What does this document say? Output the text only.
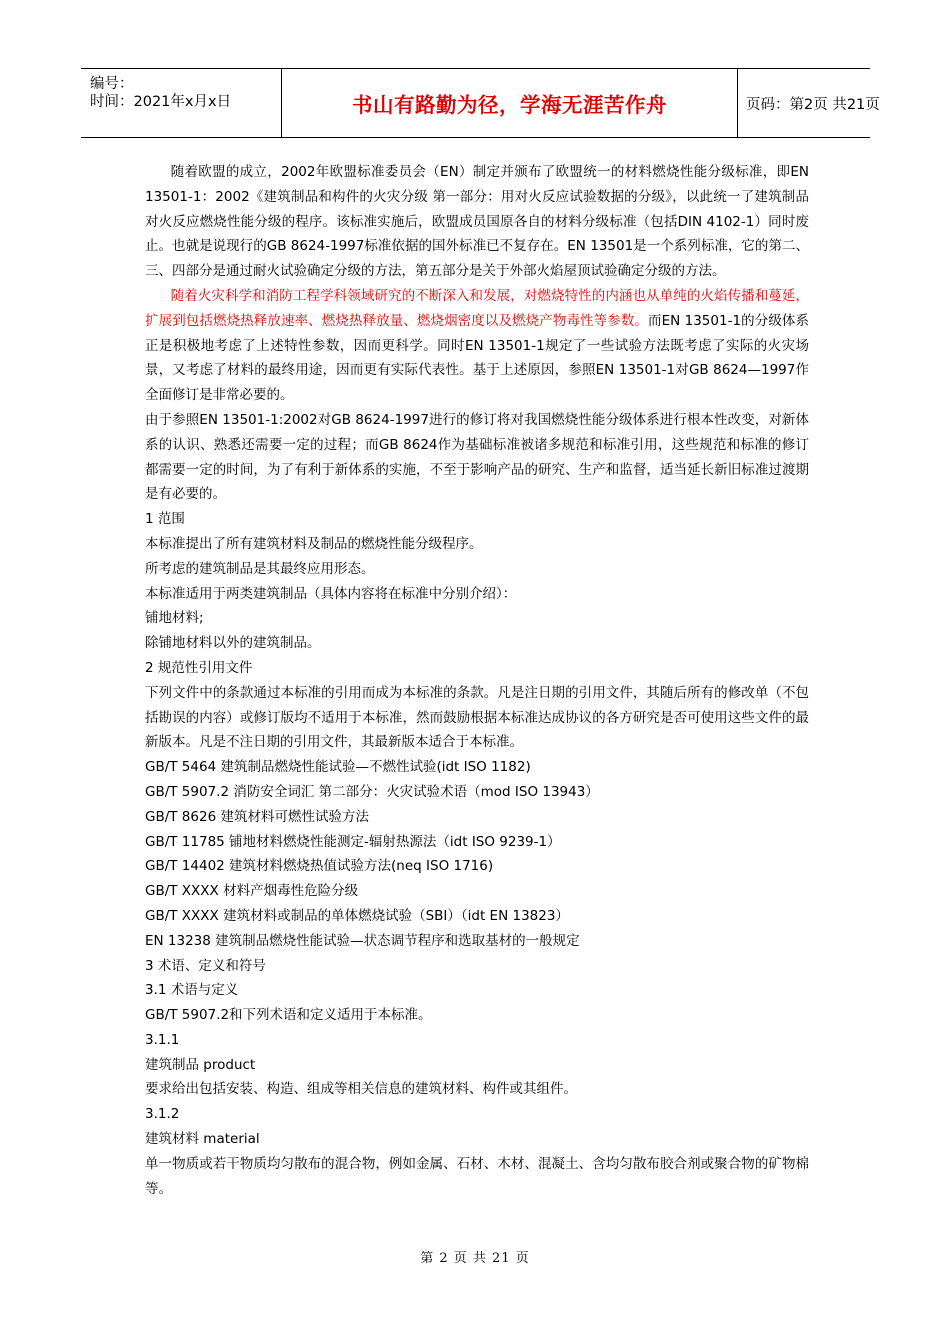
编号：
时间：2021年x月x日	书山有路勤为径，学海无涯苦作舟	页码：第2页 共21页

随着欧盟的成立，2002年欧盟标准委员会（EN）制定并颁布了欧盟统一的材料燃烧性能分级标准，即EN 13501-1：2002《建筑制品和构件的火灾分级 第一部分：用对火反应试验数据的分级》，以此统一了建筑制品对火反应燃烧性能分级的程序。该标准实施后，欧盟成员国原各自的材料分级标准（包括DIN 4102-1）同时废止。也就是说现行的GB 8624-1997标准依据的国外标准已不复存在。EN 13501是一个系列标准，它的第二、三、四部分是通过耐火试验确定分级的方法，第五部分是关于外部火焰屋顶试验确定分级的方法。

随着火灾科学和消防工程学科领域研究的不断深入和发展，对燃烧特性的内涵也从单纯的火焰传播和蔓延，扩展到包括燃烧热释放速率、燃烧热释放量、燃烧烟密度以及燃烧产物毒性等参数。而EN 13501-1的分级体系正是积极地考虑了上述特性参数，因而更科学。同时EN 13501-1规定了一些试验方法既考虑了实际的火灾场景，又考虑了材料的最终用途，因而更有实际代表性。基于上述原因，参照EN 13501-1对GB 8624—1997作全面修订是非常必要的。

由于参照EN 13501-1:2002对GB 8624-1997进行的修订将对我国燃烧性能分级体系进行根本性改变，对新体系的认识、熟悉还需要一定的过程；而GB 8624作为基础标准被诸多规范和标准引用，这些规范和标准的修订都需要一定的时间，为了有利于新体系的实施，不至于影响产品的研究、生产和监督，适当延长新旧标准过渡期是有必要的。

1 范围

本标准提出了所有建筑材料及制品的燃烧性能分级程序。

所考虑的建筑制品是其最终应用形态。

本标准适用于两类建筑制品（具体内容将在标准中分别介绍）：

铺地材料;

除铺地材料以外的建筑制品。

2 规范性引用文件

下列文件中的条款通过本标准的引用而成为本标准的条款。凡是注日期的引用文件，其随后所有的修改单（不包括勘误的内容）或修订版均不适用于本标准，然而鼓励根据本标准达成协议的各方研究是否可使用这些文件的最新版本。凡是不注日期的引用文件，其最新版本适合于本标准。

GB/T 5464 建筑制品燃烧性能试验—不燃性试验(idt ISO 1182)

GB/T 5907.2 消防安全词汇 第二部分：火灾试验术语（mod ISO 13943）

GB/T 8626 建筑材料可燃性试验方法

GB/T 11785 铺地材料燃烧性能测定-辐射热源法（idt ISO 9239-1）

GB/T 14402 建筑材料燃烧热值试验方法(neq ISO 1716)

GB/T XXXX 材料产烟毒性危险分级

GB/T XXXX 建筑材料或制品的单体燃烧试验（SBI）（idt EN 13823）

EN 13238 建筑制品燃烧性能试验—状态调节程序和选取基材的一般规定

3 术语、定义和符号

3.1 术语与定义

GB/T 5907.2和下列术语和定义适用于本标准。

3.1.1

建筑制品 product

要求给出包括安装、构造、组成等相关信息的建筑材料、构件或其组件。

3.1.2

建筑材料 material

单一物质或若干物质均匀散布的混合物，例如金属、石材、木材、混凝土、含均匀散布胶合剂或聚合物的矿物棉等。

第 2 页 共 21 页
